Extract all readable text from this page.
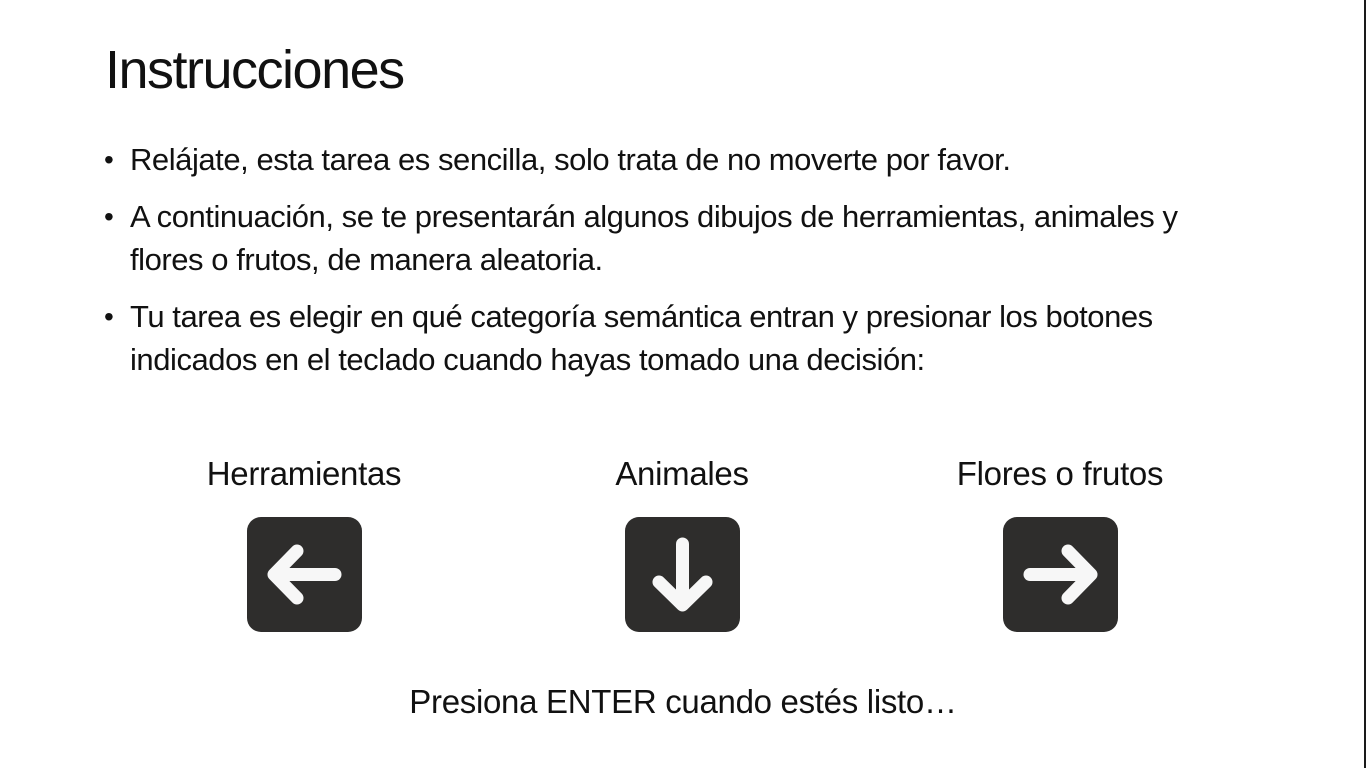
Instrucciones
• Relájate, esta tarea es sencilla, solo trata de no moverte por favor.
• A continuación, se te presentarán algunos dibujos de herramientas, animales y flores o frutos, de manera aleatoria.
• Tu tarea es elegir en qué categoría semántica entran y presionar los botones indicados en el teclado cuando hayas tomado una decisión:
Herramientas	Animales	Flores o frutos
Presiona ENTER cuando estés listo…
